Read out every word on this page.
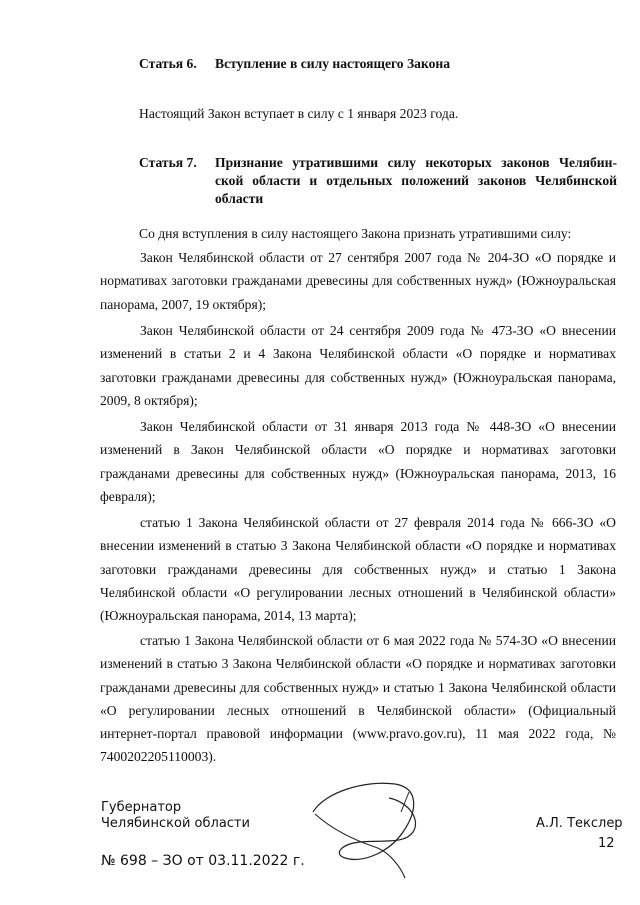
Статья 6. Вступление в силу настоящего Закона
Настоящий Закон вступает в силу с 1 января 2023 года.
Статья 7. Признание утратившими силу некоторых законов Челябин-
ской области и отдельных положений законов Челябинской
области
Со дня вступления в силу настоящего Закона признать утратившими силу:

Закон Челябинской области от 27 сентября 2007 года № 204-ЗО «О порядке и нормативах заготовки гражданами древесины для собственных нужд» (Южноуральская панорама, 2007, 19 октября);

Закон Челябинской области от 24 сентября 2009 года № 473-ЗО «О внесении изменений в статьи 2 и 4 Закона Челябинской области «О порядке и нормативах заготовки гражданами древесины для собственных нужд» (Южноуральская панорама, 2009, 8 октября);

Закон Челябинской области от 31 января 2013 года № 448-ЗО «О внесении изменений в Закон Челябинской области «О порядке и нормативах заготовки гражданами древесины для собственных нужд» (Южноуральская панорама, 2013, 16 февраля);

статью 1 Закона Челябинской области от 27 февраля 2014 года № 666-ЗО «О внесении изменений в статью 3 Закона Челябинской области «О порядке и нормативах заготовки гражданами древесины для собственных нужд» и статью 1 Закона Челябинской области «О регулировании лесных отношений в Челябинской области» (Южноуральская панорама, 2014, 13 марта);

статью 1 Закона Челябинской области от 6 мая 2022 года № 574-ЗО «О внесении изменений в статью 3 Закона Челябинской области «О порядке и нормативах заготовки гражданами древесины для собственных нужд» и статью 1 Закона Челябинской области «О регулировании лесных отношений в Челябинской области» (Официальный интернет-портал правовой информации (www.pravo.gov.ru), 11 мая 2022 года, № 7400202205110003).

Губернатор
Челябинской области	А.Л. Текслер
12
№ 698 – ЗО от 03.11.2022 г.
